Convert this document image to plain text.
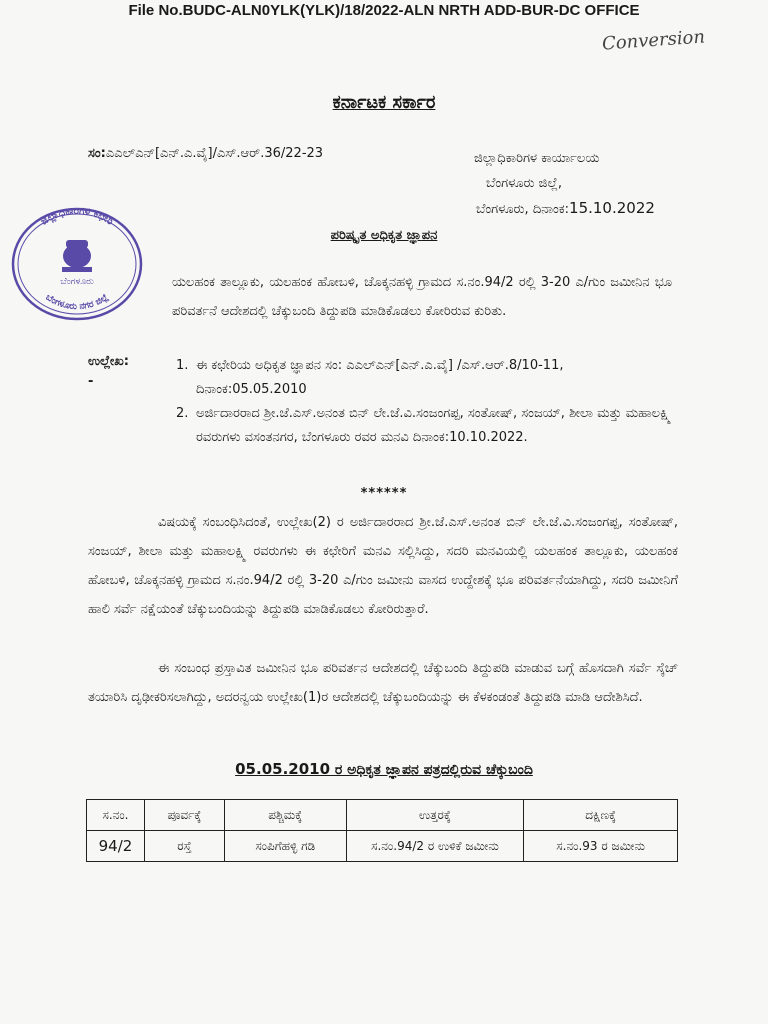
File No.BUDC-ALN0YLK(YLK)/18/2022-ALN NRTH ADD-BUR-DC OFFICE
Conversion
ಕರ್ನಾಟಕ ಸರ್ಕಾರ
ಸಂ:ಎಎಲ್‌ಎನ್[ಎನ್.ಎ.ವೈ]/ಎಸ್.ಆರ್.36/22-23	ಜಿಲ್ಲಾಧಿಕಾರಿಗಳ ಕಾರ್ಯಾಲಯ
ಬೆಂಗಳೂರು ಜಿಲ್ಲೆ,
ಬೆಂಗಳೂರು, ದಿನಾಂಕ:15.10.2022
ಜಿಲ್ಲಾಧಿಕಾರಿಗಳ ಕಛೇರಿ
ಬೆಂಗಳೂರು ನಗರ ಜಿಲ್ಲೆ
ಬೆಂಗಳೂರು
ಪರಿಷ್ಕೃತ ಅಧಿಕೃತ ಜ್ಞಾಪನ
ಯಲಹಂಕ ತಾಲ್ಲೂಕು, ಯಲಹಂಕ ಹೋಬಳಿ, ಚೊಕ್ಕನಹಳ್ಳಿ ಗ್ರಾಮದ ಸ.ನಂ.94/2 ರಲ್ಲಿ 3-20 ಎ/ಗುಂ ಜಮೀನಿನ ಭೂ ಪರಿವರ್ತನೆ ಆದೇಶದಲ್ಲಿ ಚೆಕ್ಕುಬಂದಿ ತಿದ್ದುಪಡಿ ಮಾಡಿಕೊಡಲು ಕೋರಿರುವ ಕುರಿತು.
ಉಲ್ಲೇಖ:
-
1. ಈ ಕಛೇರಿಯ ಅಧಿಕೃತ ಜ್ಞಾಪನ ಸಂ: ಎಎಲ್‌ಎನ್[ಎನ್.ಎ.ವೈ] /ಎಸ್.ಆರ್.8/10-11, ದಿನಾಂಕ:05.05.2010
2. ಅರ್ಜಿದಾರರಾದ ಶ್ರೀ.ಜೆ.ಎಸ್.ಅನಂತ ಬಿನ್ ಲೇ.ಜೆ.ವಿ.ಸಂಜಂಗಪ್ಪ, ಸಂತೋಷ್, ಸಂಜಯ್, ಶೀಲಾ ಮತ್ತು ಮಹಾಲಕ್ಷ್ಮಿ ರವರುಗಳು ವಸಂತನಗರ, ಬೆಂಗಳೂರು ರವರ ಮನವಿ ದಿನಾಂಕ:10.10.2022.
******
ವಿಷಯಕ್ಕೆ ಸಂಬಂಧಿಸಿದಂತೆ, ಉಲ್ಲೇಖ(2) ರ ಅರ್ಜಿದಾರರಾದ ಶ್ರೀ.ಜೆ.ಎಸ್.ಅನಂತ ಬಿನ್ ಲೇ.ಜೆ.ವಿ.ಸಂಜಂಗಪ್ಪ, ಸಂತೋಷ್, ಸಂಜಯ್, ಶೀಲಾ ಮತ್ತು ಮಹಾಲಕ್ಷ್ಮಿ ರವರುಗಳು ಈ ಕಛೇರಿಗೆ ಮನವಿ ಸಲ್ಲಿಸಿದ್ದು, ಸದರಿ ಮನವಿಯಲ್ಲಿ ಯಲಹಂಕ ತಾಲ್ಲೂಕು, ಯಲಹಂಕ ಹೋಬಳಿ, ಚೊಕ್ಕನಹಳ್ಳಿ ಗ್ರಾಮದ ಸ.ನಂ.94/2 ರಲ್ಲಿ 3-20 ಎ/ಗುಂ ಜಮೀನು ವಾಸದ ಉದ್ದೇಶಕ್ಕೆ ಭೂ ಪರಿವರ್ತನೆಯಾಗಿದ್ದು, ಸದರಿ ಜಮೀನಿಗೆ ಹಾಲಿ ಸರ್ವೆ ನಕ್ಷೆಯಂತೆ ಚೆಕ್ಕುಬಂದಿಯನ್ನು ತಿದ್ದುಪಡಿ ಮಾಡಿಕೊಡಲು ಕೋರಿರುತ್ತಾರೆ.
ಈ ಸಂಬಂಧ ಪ್ರಸ್ತಾವಿತ ಜಮೀನಿನ ಭೂ ಪರಿವರ್ತನ ಆದೇಶದಲ್ಲಿ ಚೆಕ್ಕುಬಂದಿ ತಿದ್ದುಪಡಿ ಮಾಡುವ ಬಗ್ಗೆ ಹೊಸದಾಗಿ ಸರ್ವೆ ಸ್ಕೆಚ್ ತಯಾರಿಸಿ ದೃಢೀಕರಿಸಲಾಗಿದ್ದು, ಅದರನ್ವಯ ಉಲ್ಲೇಖ(1)ರ ಆದೇಶದಲ್ಲಿ ಚೆಕ್ಕುಬಂದಿಯನ್ನು ಈ ಕೆಳಕಂಡಂತೆ ತಿದ್ದುಪಡಿ ಮಾಡಿ ಆದೇಶಿಸಿದೆ.
05.05.2010 ರ ಅಧಿಕೃತ ಜ್ಞಾಪನ ಪತ್ರದಲ್ಲಿರುವ ಚೆಕ್ಕುಬಂದಿ
ಸ.ನಂ.	ಪೂರ್ವಕ್ಕೆ	ಪಶ್ಚಿಮಕ್ಕೆ	ಉತ್ತರಕ್ಕೆ	ದಕ್ಷಿಣಕ್ಕೆ
94/2	ರಸ್ತೆ	ಸಂಪಿಗೆಹಳ್ಳಿ ಗಡಿ	ಸ.ನಂ.94/2 ರ ಉಳಿಕೆ ಜಮೀನು	ಸ.ನಂ.93 ರ ಜಮೀನು
